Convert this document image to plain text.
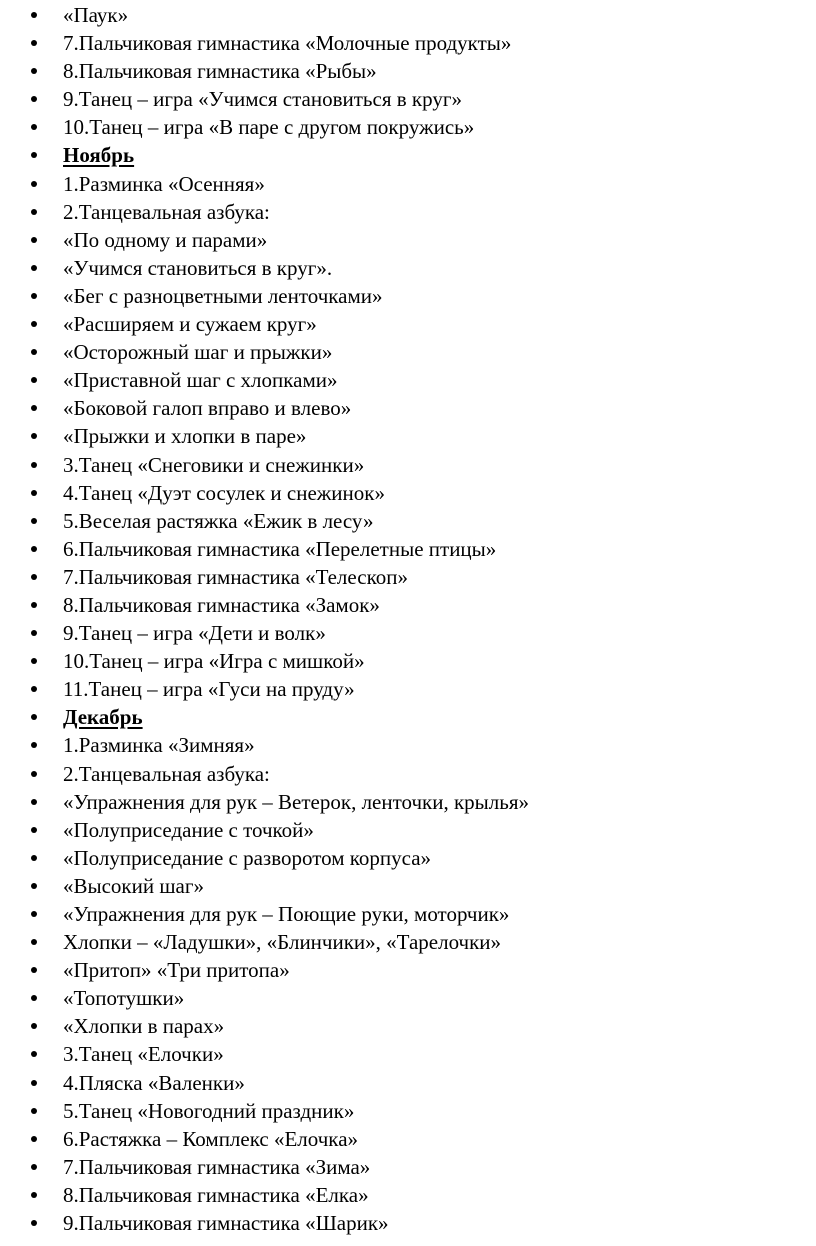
«Паук»
7.Пальчиковая гимнастика «Молочные продукты»
8.Пальчиковая гимнастика «Рыбы»
9.Танец – игра «Учимся становиться в круг»
10.Танец – игра «В паре с другом покружись»
Ноябрь
1.Разминка «Осенняя»
2.Танцевальная азбука:
«По одному и парами»
«Учимся становиться в круг».
«Бег с разноцветными ленточками»
«Расширяем и сужаем круг»
«Осторожный шаг и прыжки»
«Приставной шаг с хлопками»
«Боковой галоп вправо и влево»
«Прыжки и хлопки в паре»
3.Танец «Снеговики и снежинки»
4.Танец «Дуэт сосулек и снежинок»
5.Веселая растяжка «Ежик в лесу»
6.Пальчиковая гимнастика «Перелетные птицы»
7.Пальчиковая гимнастика «Телескоп»
8.Пальчиковая гимнастика «Замок»
9.Танец – игра «Дети и волк»
10.Танец – игра «Игра с мишкой»
11.Танец – игра «Гуси на пруду»
Декабрь
1.Разминка «Зимняя»
2.Танцевальная азбука:
«Упражнения для рук – Ветерок, ленточки, крылья»
«Полуприседание с точкой»
«Полуприседание с разворотом корпуса»
«Высокий шаг»
«Упражнения для рук – Поющие руки, моторчик»
Хлопки – «Ладушки», «Блинчики», «Тарелочки»
«Притоп» «Три притопа»
«Топотушки»
«Хлопки в парах»
3.Танец «Елочки»
4.Пляска «Валенки»
5.Танец «Новогодний праздник»
6.Растяжка – Комплекс «Елочка»
7.Пальчиковая гимнастика «Зима»
8.Пальчиковая гимнастика «Елка»
9.Пальчиковая гимнастика «Шарик»
